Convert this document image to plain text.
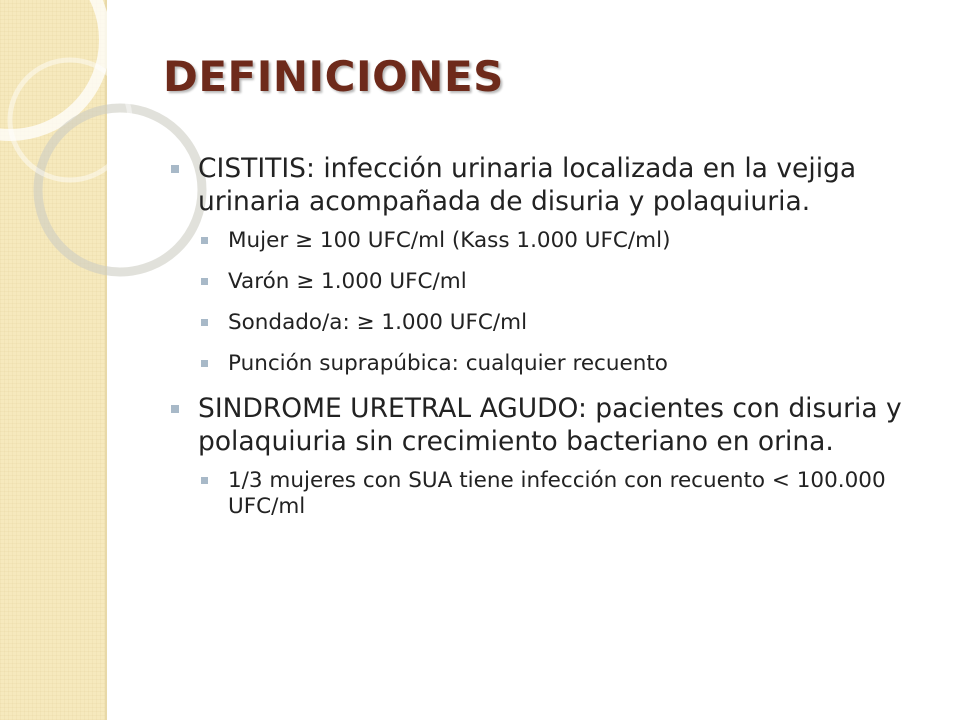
DEFINICIONES
CISTITIS: infección urinaria localizada en la vejiga urinaria acompañada de disuria y polaquiuria.
Mujer ≥ 100 UFC/ml (Kass 1.000 UFC/ml)
Varón ≥ 1.000 UFC/ml
Sondado/a: ≥ 1.000 UFC/ml
Punción suprapúbica: cualquier recuento
SINDROME URETRAL AGUDO: pacientes con disuria y polaquiuria sin crecimiento bacteriano en orina.
1/3 mujeres con SUA tiene infección con recuento < 100.000 UFC/ml
